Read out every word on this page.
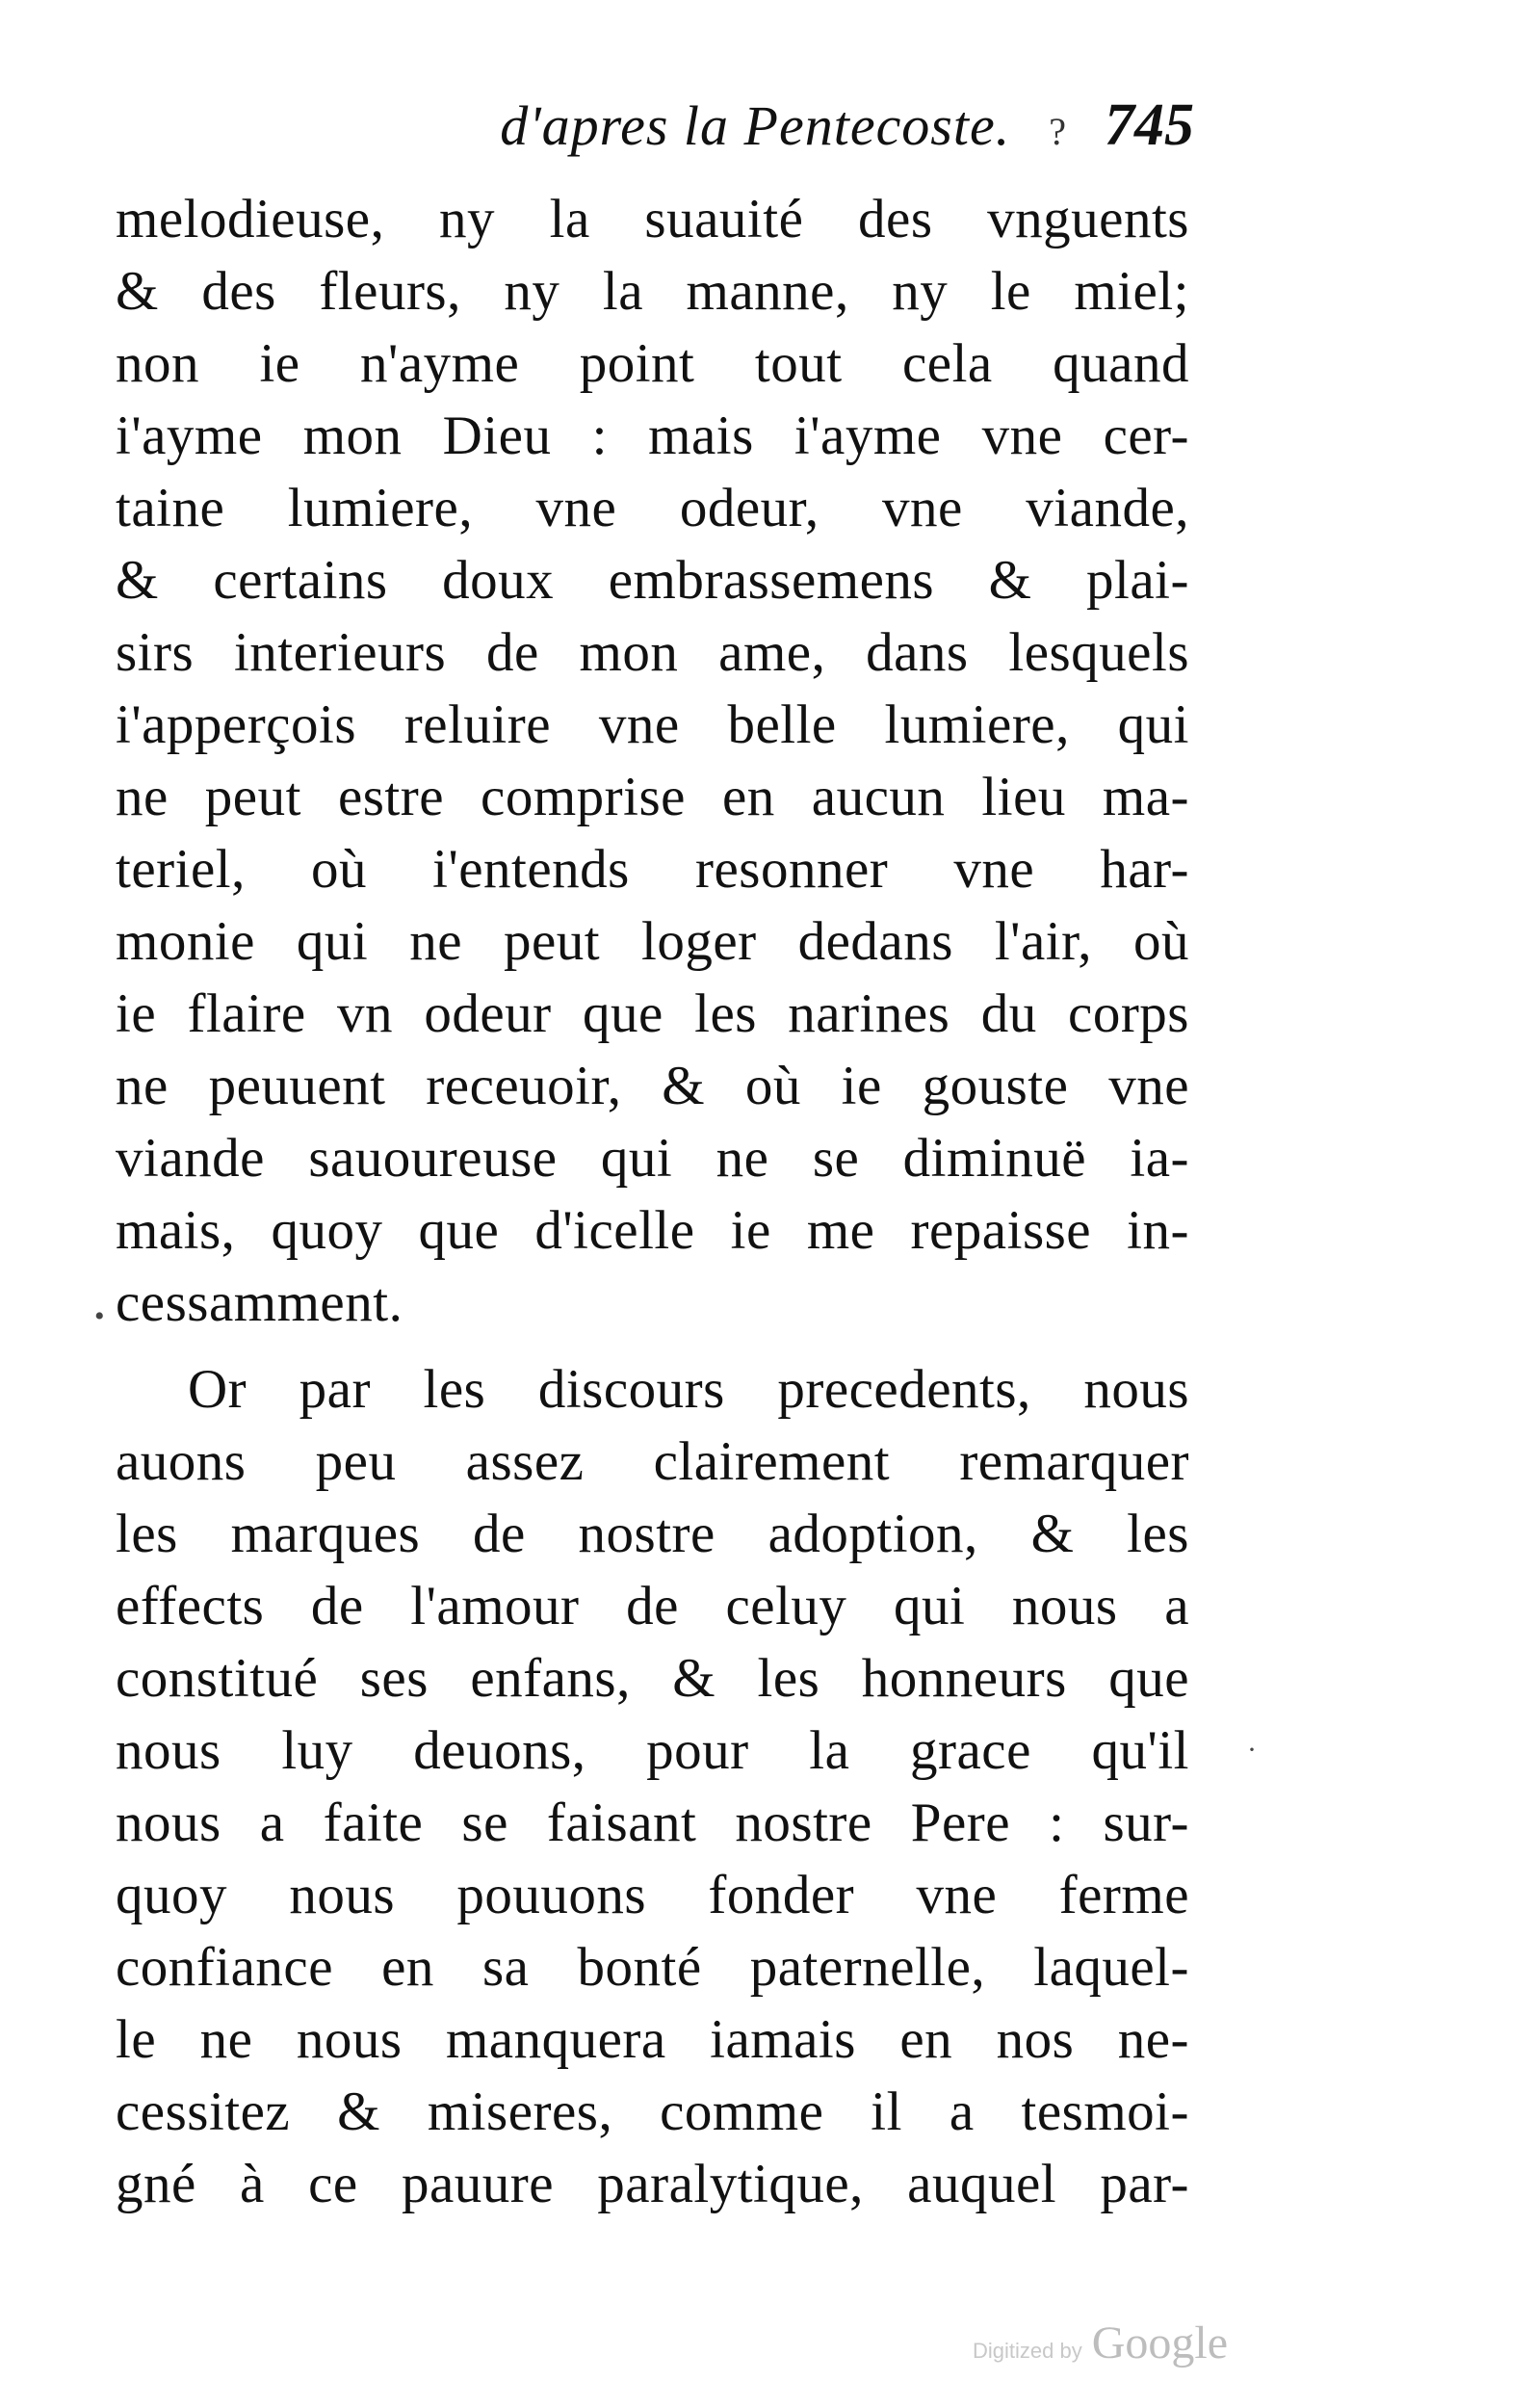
d'apres la Pentecoste. ? 745
melodieuse, ny la suauité des vnguents
& des fleurs, ny la manne, ny le miel;
non ie n'ayme point tout cela quand
i'ayme mon Dieu : mais i'ayme vne cer-
taine lumiere, vne odeur, vne viande,
& certains doux embrassemens & plai-
sirs interieurs de mon ame, dans lesquels
i'apperçois reluire vne belle lumiere, qui
ne peut estre comprise en aucun lieu ma-
teriel, où i'entends resonner vne har-
monie qui ne peut loger dedans l'air, où
ie flaire vn odeur que les narines du corps
ne peuuent receuoir, & où ie gouste vne
viande sauoureuse qui ne se diminuë ia-
mais, quoy que d'icelle ie me repaisse in-
cessamment.
Or par les discours precedents, nous
auons peu assez clairement remarquer
les marques de nostre adoption, & les
effects de l'amour de celuy qui nous a
constitué ses enfans, & les honneurs que
nous luy deuons, pour la grace qu'il
nous a faite se faisant nostre Pere : sur-
quoy nous pouuons fonder vne ferme
confiance en sa bonté paternelle, laquel-
le ne nous manquera iamais en nos ne-
cessitez & miseres, comme il a tesmoi-
gné à ce pauure paralytique, auquel par-
•
·
Digitized by Google
